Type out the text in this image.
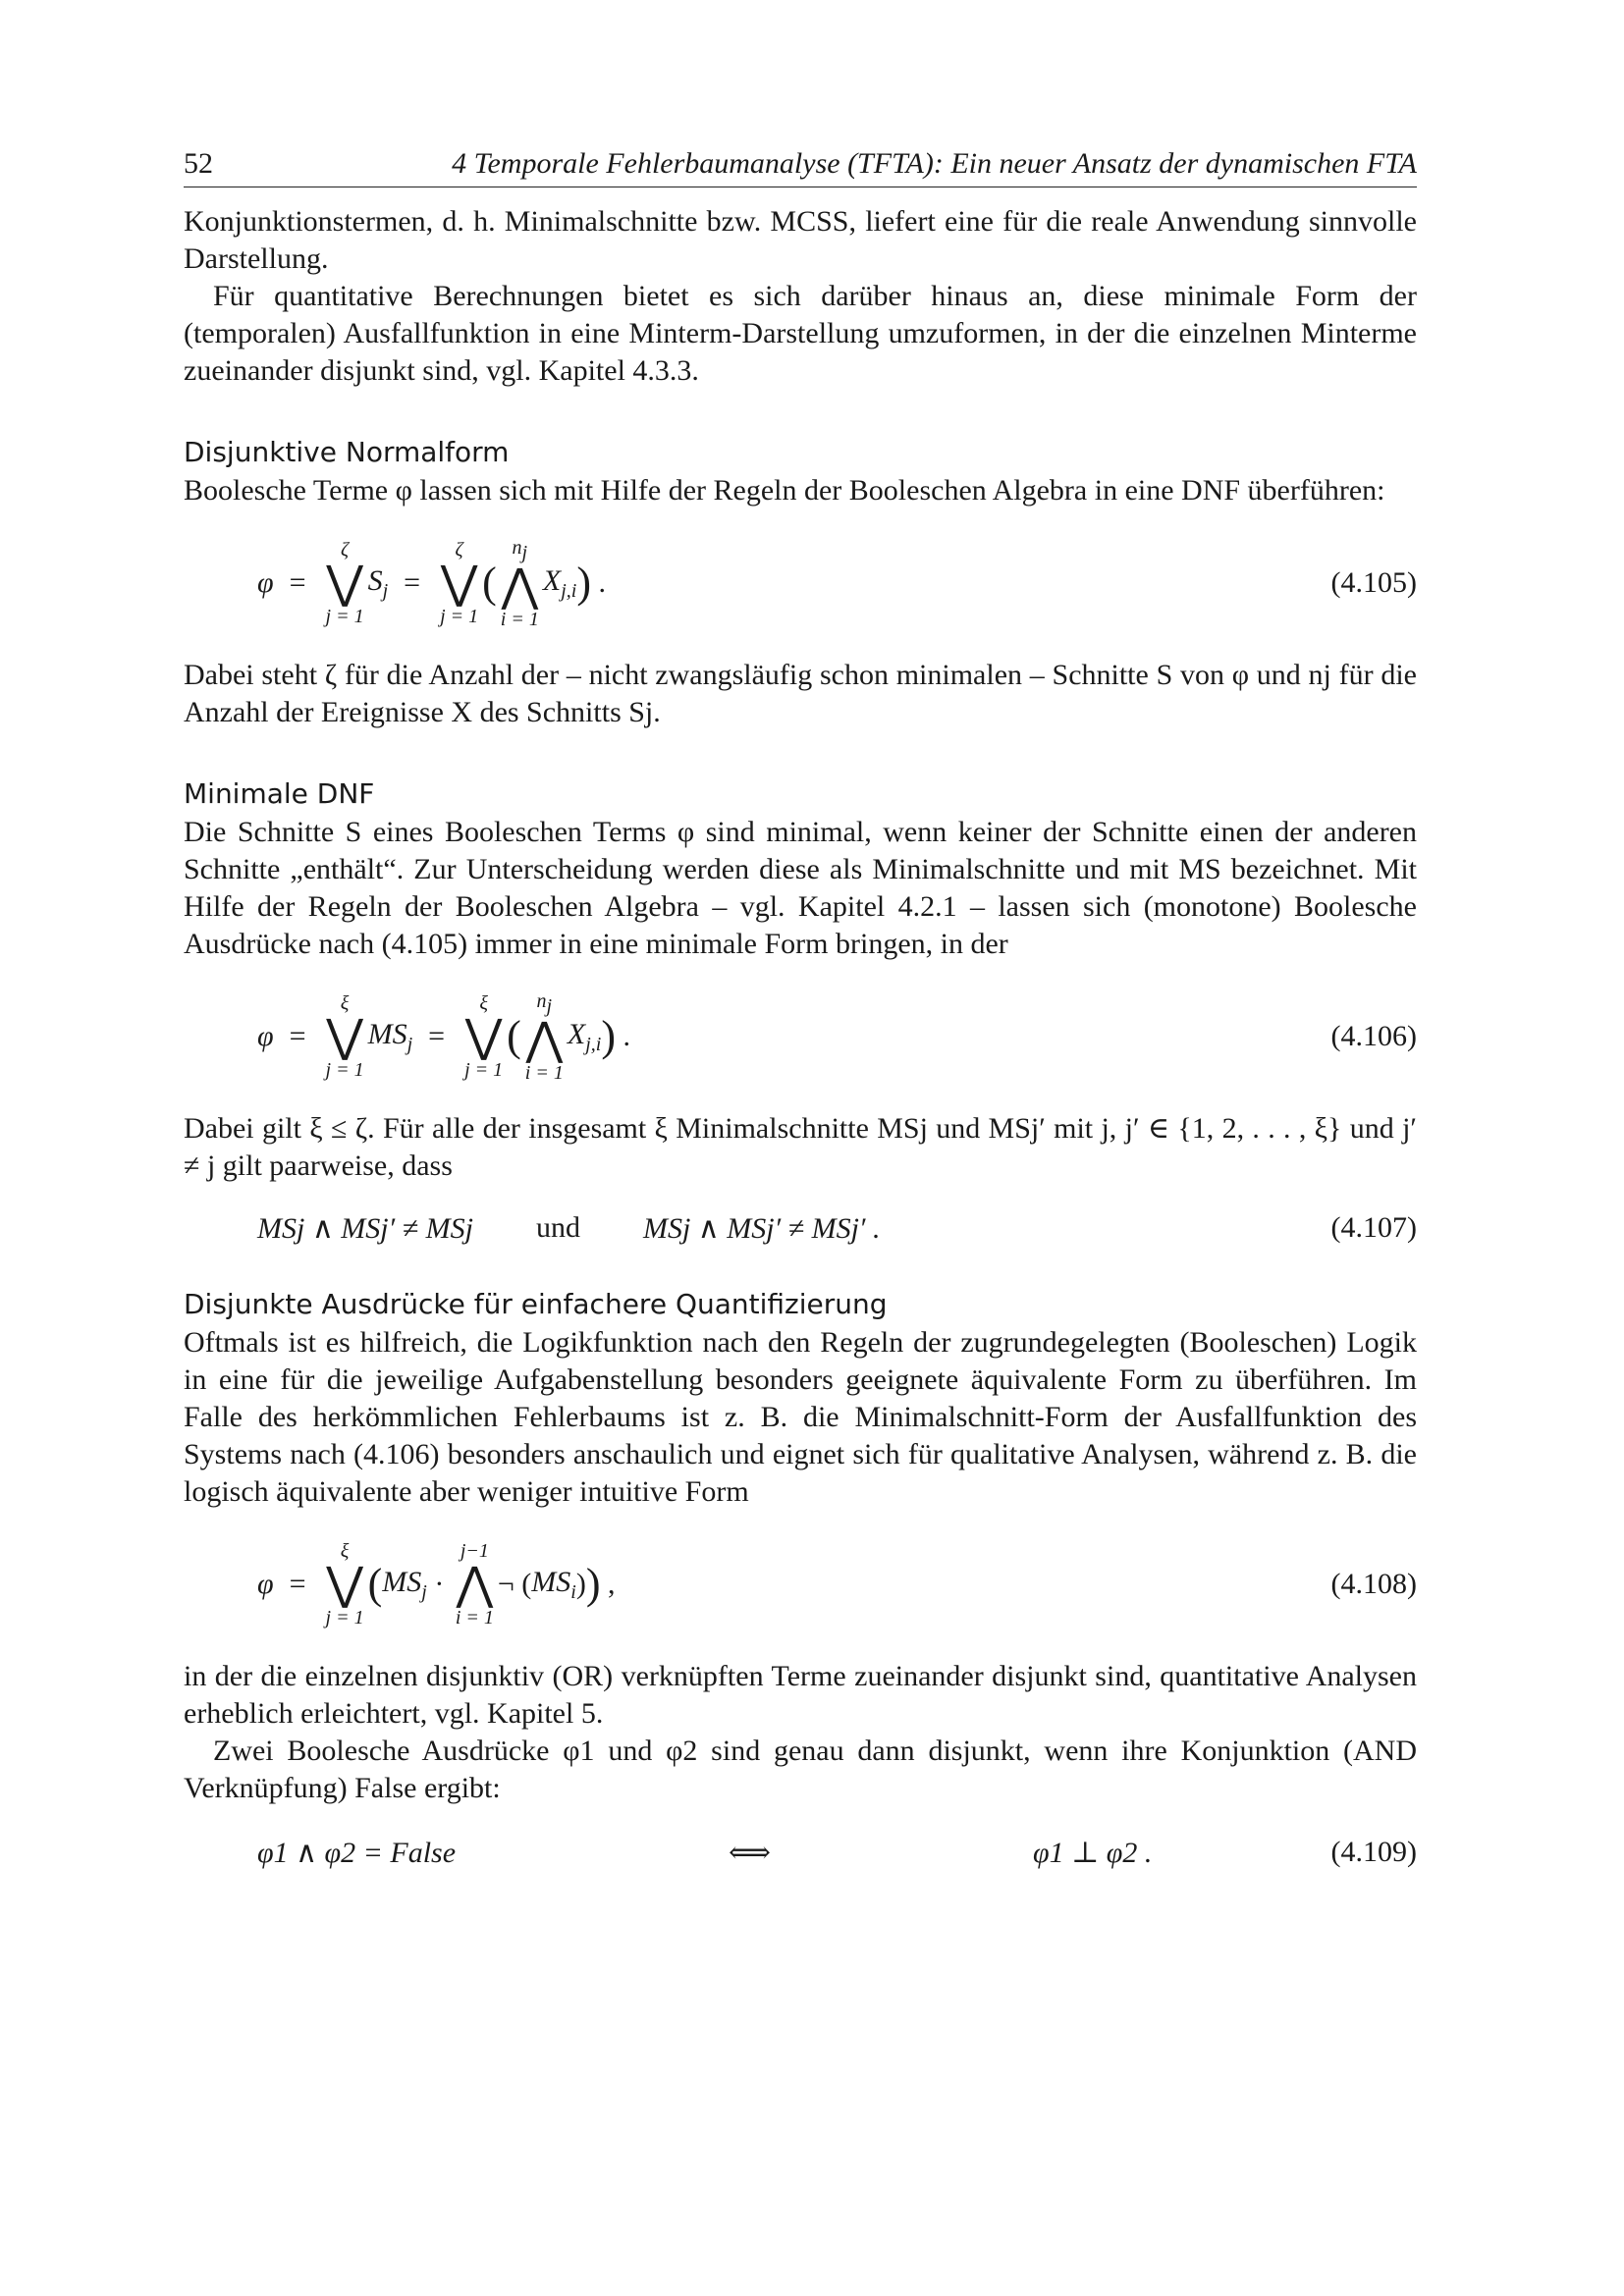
52	4 Temporale Fehlerbaumanalyse (TFTA): Ein neuer Ansatz der dynamischen FTA

Konjunktionstermen, d. h. Minimalschnitte bzw. MCSS, liefert eine für die reale Anwendung sinnvolle Darstellung.

Für quantitative Berechnungen bietet es sich darüber hinaus an, diese minimale Form der (temporalen) Ausfallfunktion in eine Minterm-Darstellung umzuformen, in der die einzelnen Minterme zueinander disjunkt sind, vgl. Kapitel 4.3.3.

Disjunktive Normalform

Boolesche Terme φ lassen sich mit Hilfe der Regeln der Booleschen Algebra in eine DNF überführen:

φ =
ζ
⋁
j = 1
$S_j$ =
ζ
⋁
j = 1
(
$n_j$
⋀
i = 1
$X_{j,i}$ ) .	(4.105)

Dabei steht ζ für die Anzahl der – nicht zwangsläufig schon minimalen – Schnitte S von φ und nj für die Anzahl der Ereignisse X des Schnitts Sj.

Minimale DNF

Die Schnitte S eines Booleschen Terms φ sind minimal, wenn keiner der Schnitte einen der anderen Schnitte „enthält“. Zur Unterscheidung werden diese als Minimalschnitte und mit MS bezeichnet. Mit Hilfe der Regeln der Booleschen Algebra – vgl. Kapitel 4.2.1 – lassen sich (monotone) Boolesche Ausdrücke nach (4.105) immer in eine minimale Form bringen, in der

φ =
ξ
⋁
j = 1
$MS_j$ =
ξ
⋁
j = 1
(
$n_j$
⋀
i = 1
$X_{j,i}$ ) .	(4.106)

Dabei gilt ξ ≤ ζ. Für alle der insgesamt ξ Minimalschnitte MSj und MSj′ mit j, j′ ∈ {1, 2, . . . , ξ} und j′ ≠ j gilt paarweise, dass

MSj ∧ MSj′ ≠ MSj und MSj ∧ MSj′ ≠ MSj′ .	(4.107)
Disjunkte Ausdrücke für einfachere Quantifizierung

Oftmals ist es hilfreich, die Logikfunktion nach den Regeln der zugrundegelegten (Booleschen) Logik in eine für die jeweilige Aufgabenstellung besonders geeignete äquivalente Form zu überführen. Im Falle des herkömmlichen Fehlerbaums ist z. B. die Minimalschnitt-Form der Ausfallfunktion des Systems nach (4.106) besonders anschaulich und eignet sich für qualitative Analysen, während z. B. die logisch äquivalente aber weniger intuitive Form

φ =
ξ
⋁
j = 1
( $MS_j$ ·
j−1
⋀
i = 1
¬ ( $MS_i$ ) ) ,	(4.108)

in der die einzelnen disjunktiv (OR) verknüpften Terme zueinander disjunkt sind, quantitative Analysen erheblich erleichtert, vgl. Kapitel 5.

Zwei Boolesche Ausdrücke φ1 und φ2 sind genau dann disjunkt, wenn ihre Konjunktion (AND Verknüpfung) False ergibt:

φ1 ∧ φ2 = False	⟺	φ1 ⊥ φ2 .	(4.109)
